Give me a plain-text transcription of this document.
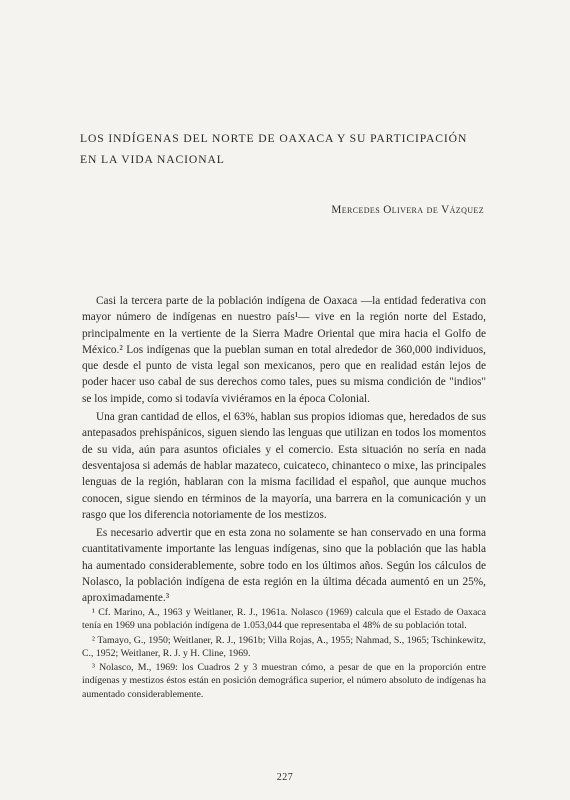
LOS INDÍGENAS DEL NORTE DE OAXACA Y SU PARTICIPACIÓN
EN LA VIDA NACIONAL
Mercedes Olivera de Vázquez

Casi la tercera parte de la población indígena de Oaxaca —la entidad federativa con mayor número de indígenas en nuestro país¹— vive en la región norte del Estado, principalmente en la vertiente de la Sierra Madre Oriental que mira hacia el Golfo de México.² Los indígenas que la pueblan suman en total alrededor de 360,000 individuos, que desde el punto de vista legal son mexicanos, pero que en realidad están lejos de poder hacer uso cabal de sus derechos como tales, pues su misma condición de "indios" se los impide, como si todavía viviéramos en la época Colonial.

Una gran cantidad de ellos, el 63%, hablan sus propios idiomas que, heredados de sus antepasados prehispánicos, siguen siendo las lenguas que utilizan en todos los momentos de su vida, aún para asuntos oficiales y el comercio. Esta situación no sería en nada desventajosa si además de hablar mazateco, cuicateco, chinanteco o mixe, las principales lenguas de la región, hablaran con la misma facilidad el español, que aunque muchos conocen, sigue siendo en términos de la mayoría, una barrera en la comunicación y un rasgo que los diferencia notoriamente de los mestizos.

Es necesario advertir que en esta zona no solamente se han conservado en una forma cuantitativamente importante las lenguas indígenas, sino que la población que las habla ha aumentado considerablemente, sobre todo en los últimos años. Según los cálculos de Nolasco, la población indígena de esta región en la última década aumentó en un 25%, aproximadamente.³

¹ Cf. Marino, A., 1963 y Weitlaner, R. J., 1961a. Nolasco (1969) calcula que el Estado de Oaxaca tenía en 1969 una población indígena de 1.053,044 que representaba el 48% de su población total.

² Tamayo, G., 1950; Weitlaner, R. J., 1961b; Villa Rojas, A., 1955; Nahmad, S., 1965; Tschinkewitz, C., 1952; Weitlaner, R. J. y H. Cline, 1969.

³ Nolasco, M., 1969: los Cuadros 2 y 3 muestran cómo, a pesar de que en la proporción entre indígenas y mestizos éstos están en posición demográfica superior, el número absoluto de indígenas ha aumentado considerablemente.

227
